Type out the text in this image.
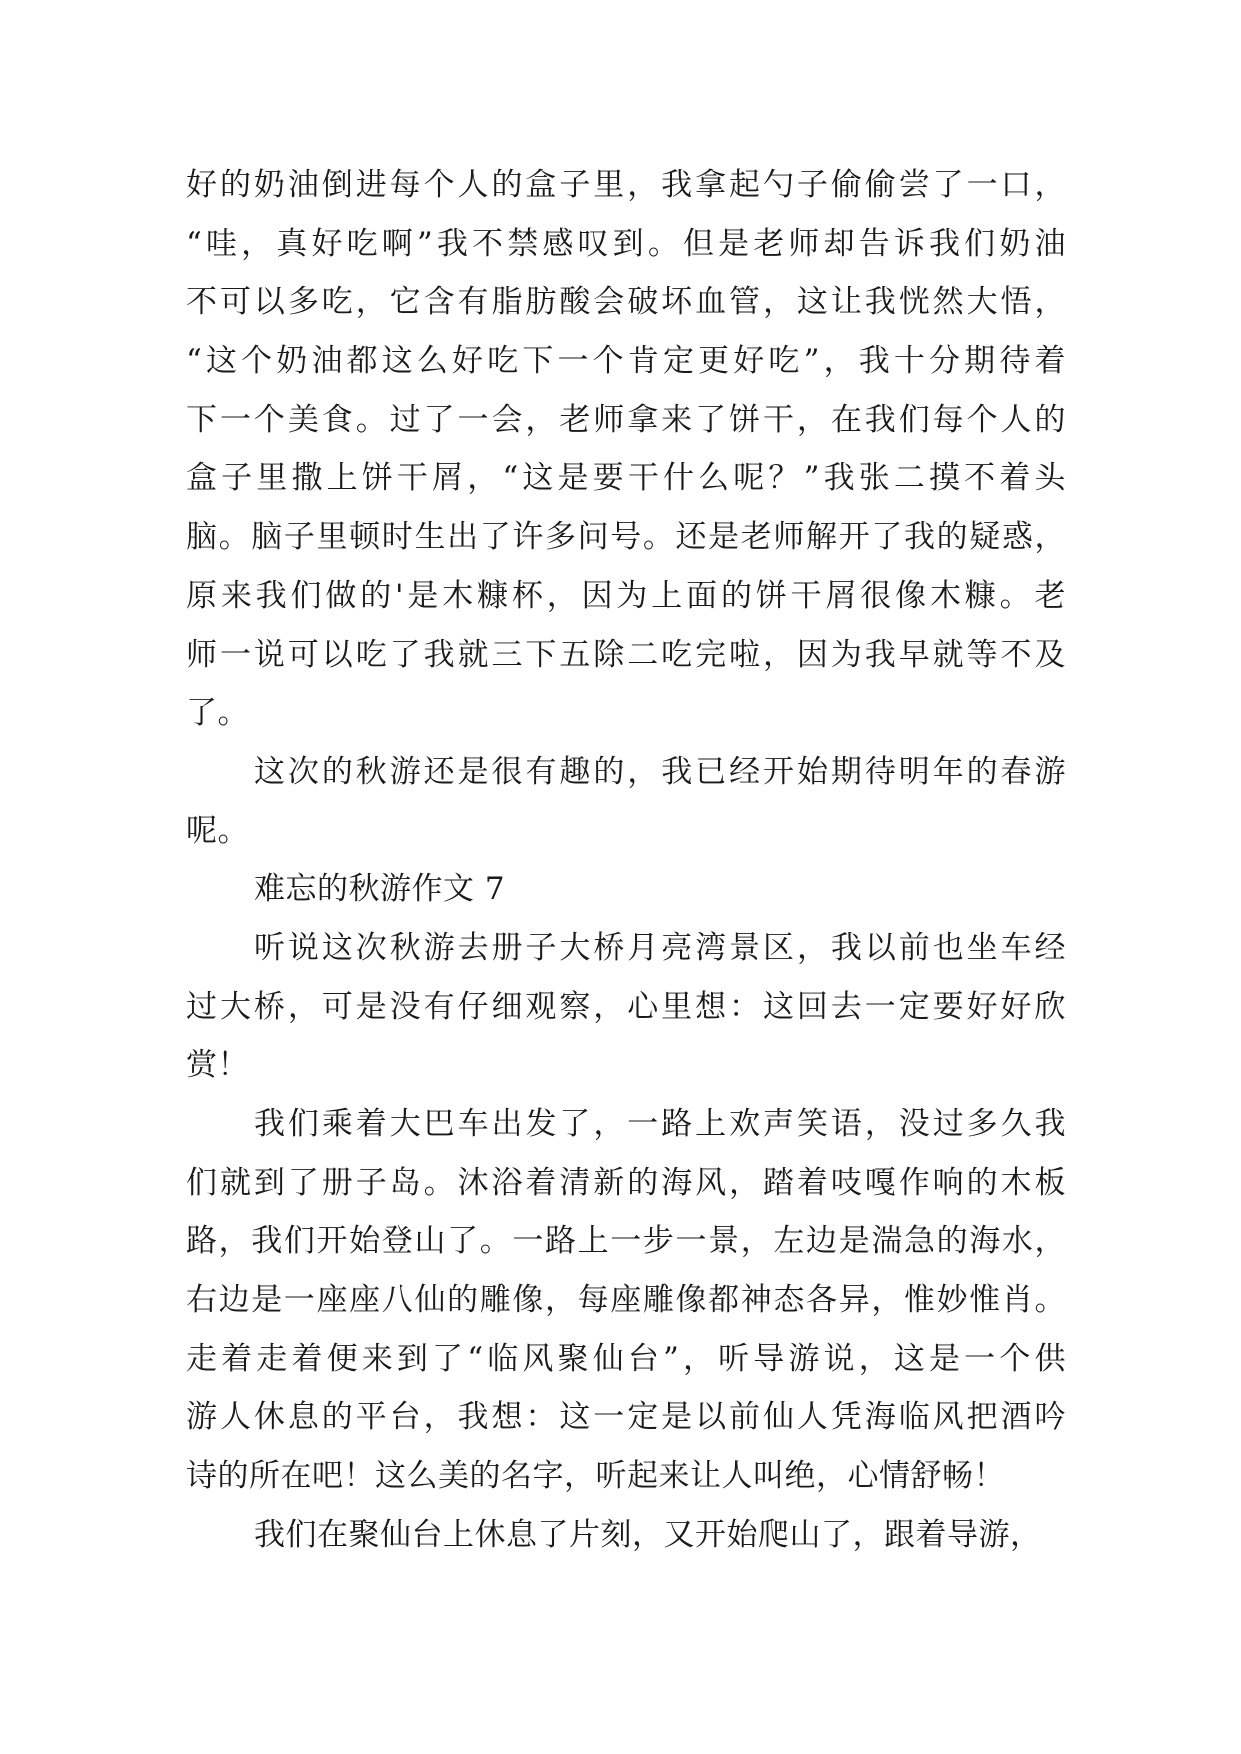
好的奶油倒进每个人的盒子里，我拿起勺子偷偷尝了一口，
“哇，真好吃啊”我不禁感叹到。但是老师却告诉我们奶油
不可以多吃，它含有脂肪酸会破坏血管，这让我恍然大悟，
“这个奶油都这么好吃下一个肯定更好吃”，我十分期待着
下一个美食。过了一会，老师拿来了饼干，在我们每个人的
盒子里撒上饼干屑，“这是要干什么呢？”我张二摸不着头
脑。脑子里顿时生出了许多问号。还是老师解开了我的疑惑，
原来我们做的'是木糠杯，因为上面的饼干屑很像木糠。老
师一说可以吃了我就三下五除二吃完啦，因为我早就等不及
了。
这次的秋游还是很有趣的，我已经开始期待明年的春游
呢。
难忘的秋游作文 7
听说这次秋游去册子大桥月亮湾景区，我以前也坐车经
过大桥，可是没有仔细观察，心里想：这回去一定要好好欣
赏！
我们乘着大巴车出发了，一路上欢声笑语，没过多久我
们就到了册子岛。沐浴着清新的海风，踏着吱嘎作响的木板
路，我们开始登山了。一路上一步一景，左边是湍急的海水，
右边是一座座八仙的雕像，每座雕像都神态各异，惟妙惟肖。
走着走着便来到了“临风聚仙台”，听导游说，这是一个供
游人休息的平台，我想：这一定是以前仙人凭海临风把酒吟
诗的所在吧！这么美的名字，听起来让人叫绝，心情舒畅！
我们在聚仙台上休息了片刻，又开始爬山了，跟着导游，
